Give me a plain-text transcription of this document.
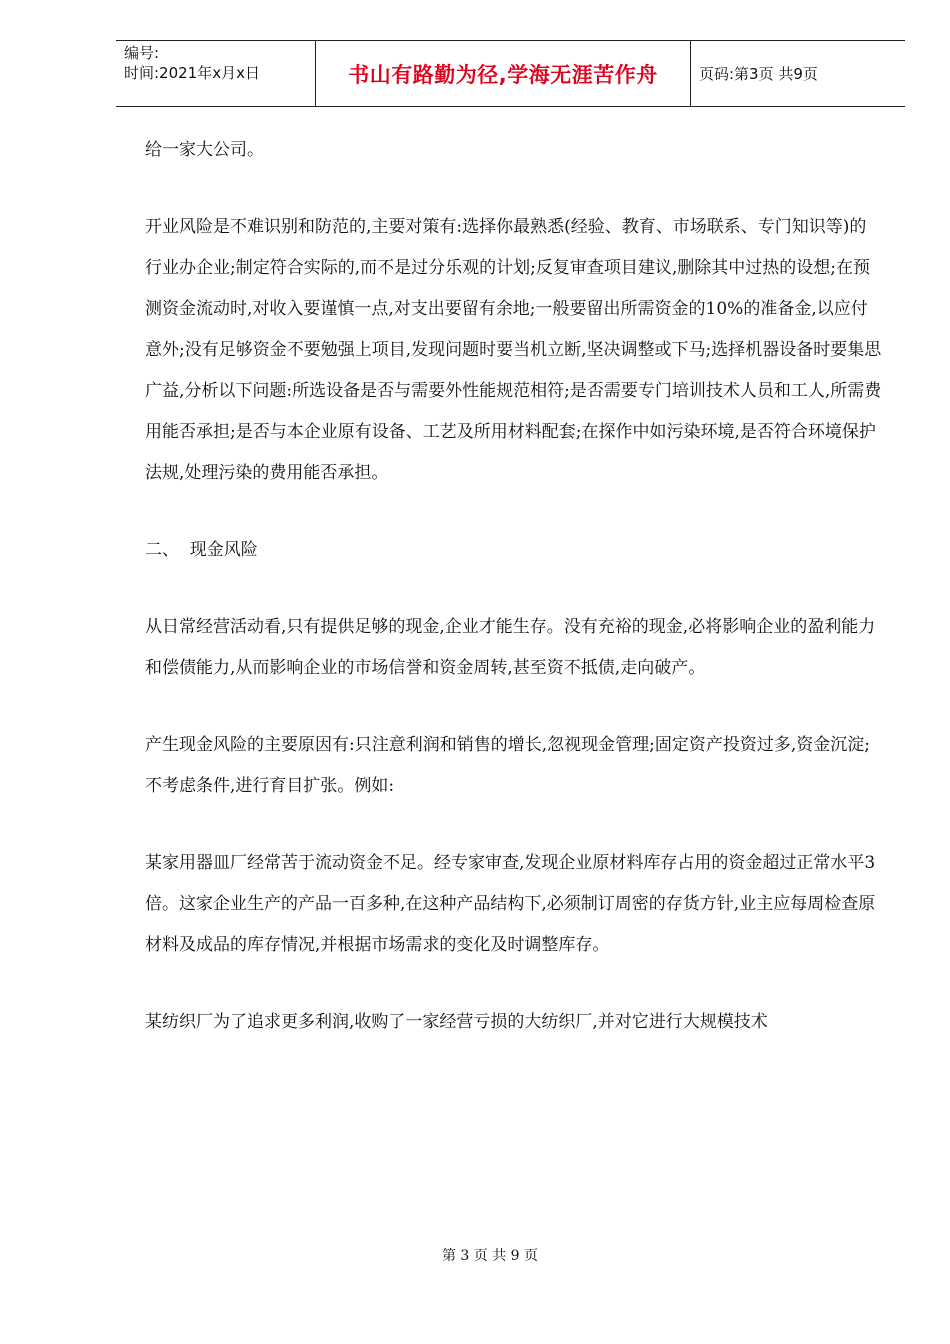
编号:
时间:2021年x月x日	书山有路勤为径,学海无涯苦作舟	页码:第3页 共9页

给一家大公司。

开业风险是不难识别和防范的,主要对策有:选择你最熟悉(经验、教育、市场联系、专门知识等)的行业办企业;制定符合实际的,而不是过分乐观的计划;反复审查项目建议,删除其中过热的设想;在预测资金流动时,对收入要谨慎一点,对支出要留有余地;一般要留出所需资金的10%的准备金,以应付意外;没有足够资金不要勉强上项目,发现问题时要当机立断,坚决调整或下马;选择机器设备时要集思广益,分析以下问题:所选设备是否与需要外性能规范相符;是否需要专门培训技术人员和工人,所需费用能否承担;是否与本企业原有设备、工艺及所用材料配套;在探作中如污染环境,是否符合环境保护法规,处理污染的费用能否承担。

二、  现金风险

从日常经营活动看,只有提供足够的现金,企业才能生存。没有充裕的现金,必将影响企业的盈利能力和偿债能力,从而影响企业的市场信誉和资金周转,甚至资不抵债,走向破产。

产生现金风险的主要原因有:只注意利润和销售的增长,忽视现金管理;固定资产投资过多,资金沉淀;不考虑条件,进行育目扩张。例如:

某家用器皿厂经常苦于流动资金不足。经专家审查,发现企业原材料库存占用的资金超过正常水平3倍。这家企业生产的产品一百多种,在这种产品结构下,必须制订周密的存货方针,业主应每周检查原材料及成品的库存情况,并根据市场需求的变化及时调整库存。

某纺织厂为了追求更多利润,收购了一家经营亏损的大纺织厂,并对它进行大规模技术

第 3 页 共 9 页
